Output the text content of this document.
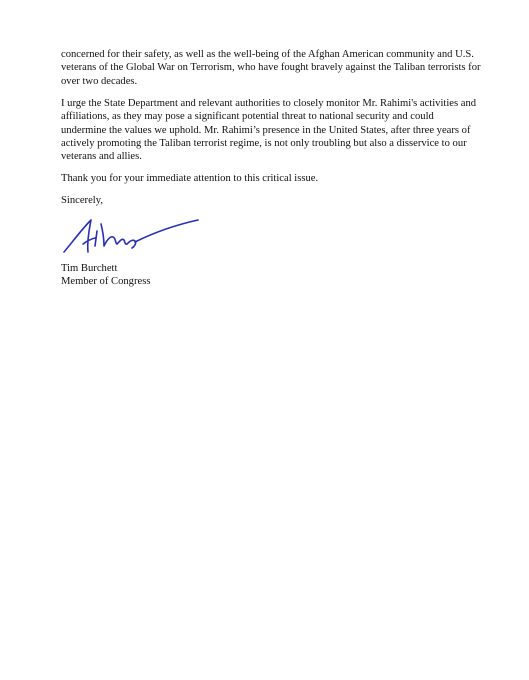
concerned for their safety, as well as the well-being of the Afghan American community and U.S. veterans of the Global War on Terrorism, who have fought bravely against the Taliban terrorists for over two decades.

I urge the State Department and relevant authorities to closely monitor Mr. Rahimi's activities and affiliations, as they may pose a significant potential threat to national security and could undermine the values we uphold. Mr. Rahimi’s presence in the United States, after three years of actively promoting the Taliban terrorist regime, is not only troubling but also a disservice to our veterans and allies.

Thank you for your immediate attention to this critical issue.

Sincerely,

Tim Burchett

Member of Congress
